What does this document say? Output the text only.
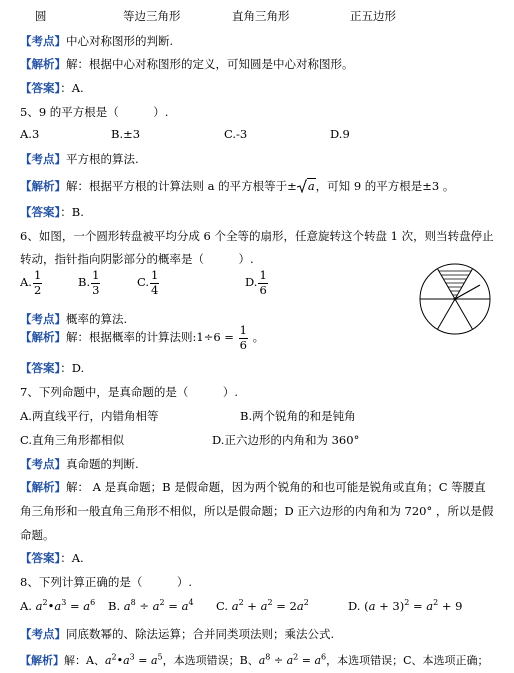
圆	等边三角形	直角三角形	正五边形
【考点】中心对称图形的判断.
【解析】解：根据中心对称图形的定义，可知圆是中心对称图形。
【答案】：A.
5、9 的平方根是（　　　）.
A.3	B.±3	C.-3	D.9
【考点】平方根的算法.
【解析】解：根据平方根的计算法则 a 的平方根等于± a，可知 9 的平方根是±3 。
【答案】：B.
6、如图，一个圆形转盘被平均分成 6 个全等的扇形，任意旋转这个转盘 1 次，则当转盘停止
转动，指针指向阴影部分的概率是（　　　）.
A. $\frac{1}{2}$	B. $\frac{1}{3}$	C. $\frac{1}{4}$	D. $\frac{1}{6}$
【考点】概率的算法.
【解析】解：根据概率的计算法则:1÷6 = $\frac{1}{6}$ 。
【答案】：D.
7、下列命题中，是真命题的是（　　　）.
A.两直线平行，内错角相等	B.两个锐角的和是钝角
C.直角三角形都相似	D.正六边形的内角和为 360°
【考点】真命题的判断.
【解析】解： A 是真命题；B 是假命题，因为两个锐角的和也可能是锐角或直角；C 等腰直
角三角形和一般直角三角形不相似，所以是假命题；D 正六边形的内角和为 720° ，所以是假
命题。
【答案】：A.
8、下列计算正确的是（　　　）.
A. $a^2•a^3 = a^6$ B. $a^8 \div a^2 = a^4$ C. $a^2 + a^2 = 2a^2$	D. $(a + 3)^2 = a^2 + 9$
【考点】同底数幂的、除法运算；合并同类项法则；乘法公式.
【解析】解：A、$a^2•a^3 = a^5$，本选项错误；B、$a^8 \div a^2 = a^6$，本选项错误；C、本选项正确；
